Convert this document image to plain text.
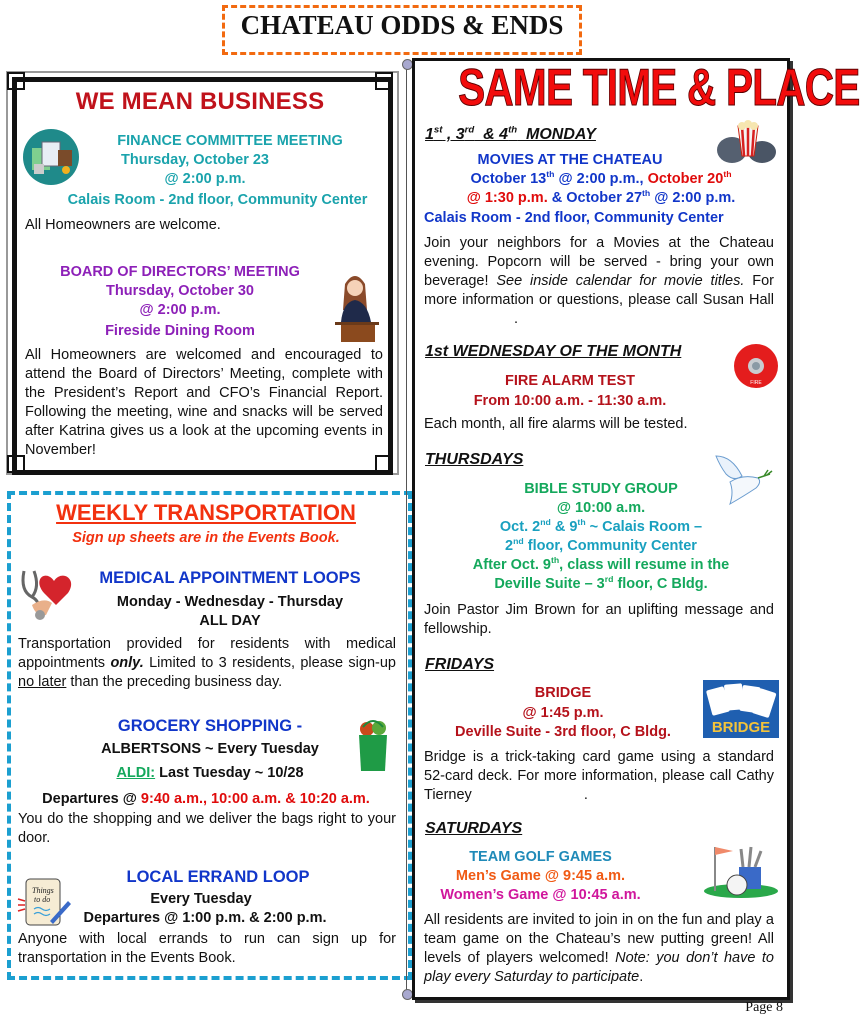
CHATEAU ODDS & ENDS
WE MEAN BUSINESS
FINANCE COMMITTEE MEETING
Thursday, October 23
@ 2:00 p.m.
Calais Room - 2nd floor, Community Center
All Homeowners are welcome.
BOARD OF DIRECTORS’ MEETING
Thursday, October 30
@ 2:00 p.m.
Fireside Dining Room
All Homeowners are welcomed and encouraged to attend the Board of Directors’ Meeting, complete with the President’s Report and CFO’s Financial Report. Following the meeting, wine and snacks will be served after Katrina gives us a look at the upcoming events in November!
WEEKLY TRANSPORTATION
Sign up sheets are in the Events Book.
MEDICAL APPOINTMENT LOOPS
Monday - Wednesday - Thursday
ALL DAY
Transportation provided for residents with medical appointments only. Limited to 3 residents, please sign-up no later than the preceding business day.
GROCERY SHOPPING -
ALBERTSONS ~ Every Tuesday
ALDI: Last Tuesday ~ 10/28
Departures @ 9:40 a.m., 10:00 a.m. & 10:20 a.m.
You do the shopping and we deliver the bags right to your door.
LOCAL ERRAND LOOP
Things
to do	Every Tuesday
Departures @ 1:00 p.m. & 2:00 p.m.
Anyone with local errands to run can sign up for transportation in the Events Book.
SAME TIME & PLACE
1st , 3rd  & 4th  MONDAY
MOVIES AT THE CHATEAU
October 13th @ 2:00 p.m., October 20th
@ 1:30 p.m. & October 27th @ 2:00 p.m.
Calais Room - 2nd floor, Community Center
Join your neighbors for a Movies at the Chateau evening. Popcorn will be served - bring your own beverage! See inside calendar for movie titles. For more information or questions, please call Susan Hall.
1st WEDNESDAY OF THE MONTH
FIRE
FIRE ALARM TEST
From 10:00 a.m. - 11:30 a.m.
Each month, all fire alarms will be tested.
THURSDAYS
BIBLE STUDY GROUP
@ 10:00 a.m.
Oct. 2nd & 9th ~ Calais Room –
2nd floor, Community Center
After Oct. 9th, class will resume in the
Deville Suite – 3rd floor, C Bldg.
Join Pastor Jim Brown for an uplifting message and fellowship.
FRIDAYS
BRIDGE
BRIDGE
@ 1:45 p.m.
Deville Suite - 3rd floor, C Bldg.
Bridge is a trick-taking card game using a standard 52-card deck. For more information, please call Cathy Tierney	.
SATURDAYS
TEAM GOLF GAMES
Men’s Game @ 9:45 a.m.
Women’s Game @ 10:45 a.m.
All residents are invited to join in on the fun and play a team game on the Chateau’s new putting green! All levels of players welcomed! Note: you don’t have to play every Saturday to participate.
Page 8
